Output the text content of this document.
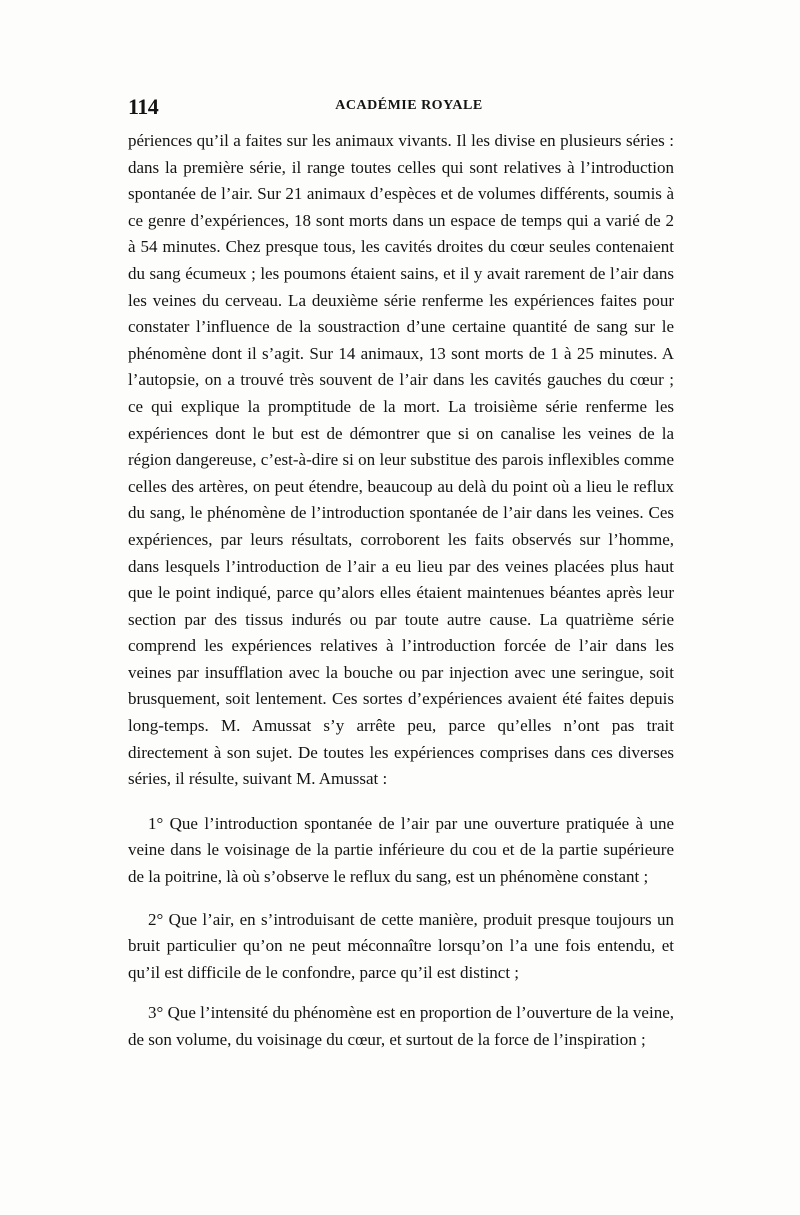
114	ACADÉMIE ROYALE

périences qu’il a faites sur les animaux vivants. Il les divise en plusieurs séries : dans la première série, il range toutes celles qui sont relatives à l’introduction spontanée de l’air. Sur 21 animaux d’espèces et de volumes différents, soumis à ce genre d’expériences, 18 sont morts dans un espace de temps qui a varié de 2 à 54 minutes. Chez presque tous, les cavités droites du cœur seules contenaient du sang écumeux ; les poumons étaient sains, et il y avait rarement de l’air dans les veines du cerveau. La deuxième série renferme les expériences faites pour constater l’influence de la soustraction d’une certaine quantité de sang sur le phénomène dont il s’agit. Sur 14 animaux, 13 sont morts de 1 à 25 minutes. A l’autopsie, on a trouvé très souvent de l’air dans les cavités gauches du cœur ; ce qui explique la promptitude de la mort. La troisième série renferme les expériences dont le but est de démontrer que si on canalise les veines de la région dangereuse, c’est-à-dire si on leur substitue des parois inflexibles comme celles des artères, on peut étendre, beaucoup au delà du point où a lieu le reflux du sang, le phénomène de l’introduction spontanée de l’air dans les veines. Ces expériences, par leurs résultats, corroborent les faits observés sur l’homme, dans lesquels l’introduction de l’air a eu lieu par des veines placées plus haut que le point indiqué, parce qu’alors elles étaient maintenues béantes après leur section par des tissus indurés ou par toute autre cause. La quatrième série comprend les expériences relatives à l’introduction forcée de l’air dans les veines par insufflation avec la bouche ou par injection avec une seringue, soit brusquement, soit lentement. Ces sortes d’expériences avaient été faites depuis long-temps. M. Amussat s’y arrête peu, parce qu’elles n’ont pas trait directement à son sujet. De toutes les expériences comprises dans ces diverses séries, il résulte, suivant M. Amussat :

1° Que l’introduction spontanée de l’air par une ouverture pratiquée à une veine dans le voisinage de la partie inférieure du cou et de la partie supérieure de la poitrine, là où s’observe le reflux du sang, est un phénomène constant ;

2° Que l’air, en s’introduisant de cette manière, produit presque toujours un bruit particulier qu’on ne peut méconnaître lorsqu’on l’a une fois entendu, et qu’il est difficile de le confondre, parce qu’il est distinct ;

3° Que l’intensité du phénomène est en proportion de l’ouverture de la veine, de son volume, du voisinage du cœur, et surtout de la force de l’inspiration ;
